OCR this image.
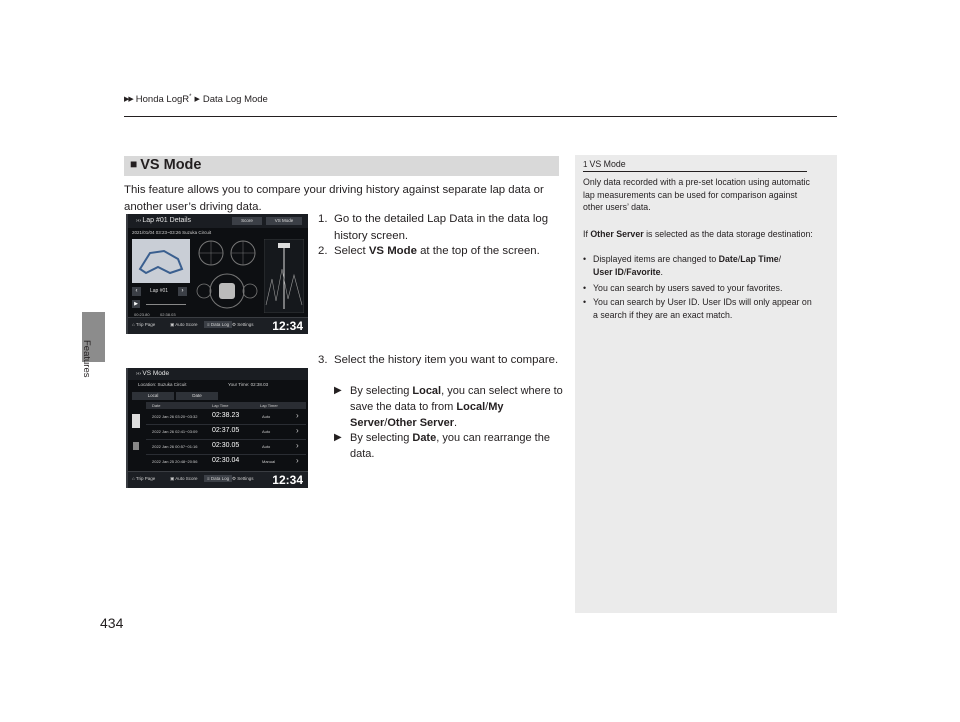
▶▶ Honda LogR* ▶ Data Log Mode
Features
434
■ VS Mode
This feature allows you to compare your driving history against separate lap data or another user’s driving data.
1. Go to the detailed Lap Data in the data log history screen.
2. Select VS Mode at the top of the screen.
3. Select the history item you want to compare.
▶ By selecting Local, you can select where to save the data to from Local/My Server/Other Server.
▶ By selecting Date, you can rearrange the data.
››› Lap #01 Details	Score	VS Mode
2021/01/04 03:23~03:26 Suzuka Circuit
‹	Lap #01	›
▶
00:23.80	02:38.03
⌂ Trip Page	▣ Auto Score	≡ Data Log ⚙ Settings 12:34
››› VS Mode
Location: Suzuka Circuit	Your Time: 02:38.03
Local	Date
Date	Lap Time	Lap Timer
2022 Jan 26 03:20~03:32 02:38.23	Auto	›
2022 Jan 26 02:41~03:09 02:37.05	Auto	›
2022 Jan 26 00:57~01:16 02:30.05	Auto	›
2022 Jan 25 20:48~20:56 02:30.04	Manual	›
⌂ Trip Page	▣ Auto Score	≡ Data Log ⚙ Settings 12:34
1 VS Mode
Only data recorded with a pre-set location using automatic lap measurements can be used for comparison against other users’ data.
If Other Server is selected as the data storage destination:
• Displayed items are changed to Date/Lap Time/
User ID/Favorite.
• You can search by users saved to your favorites.
• You can search by User ID. User IDs will only appear on a search if they are an exact match.
